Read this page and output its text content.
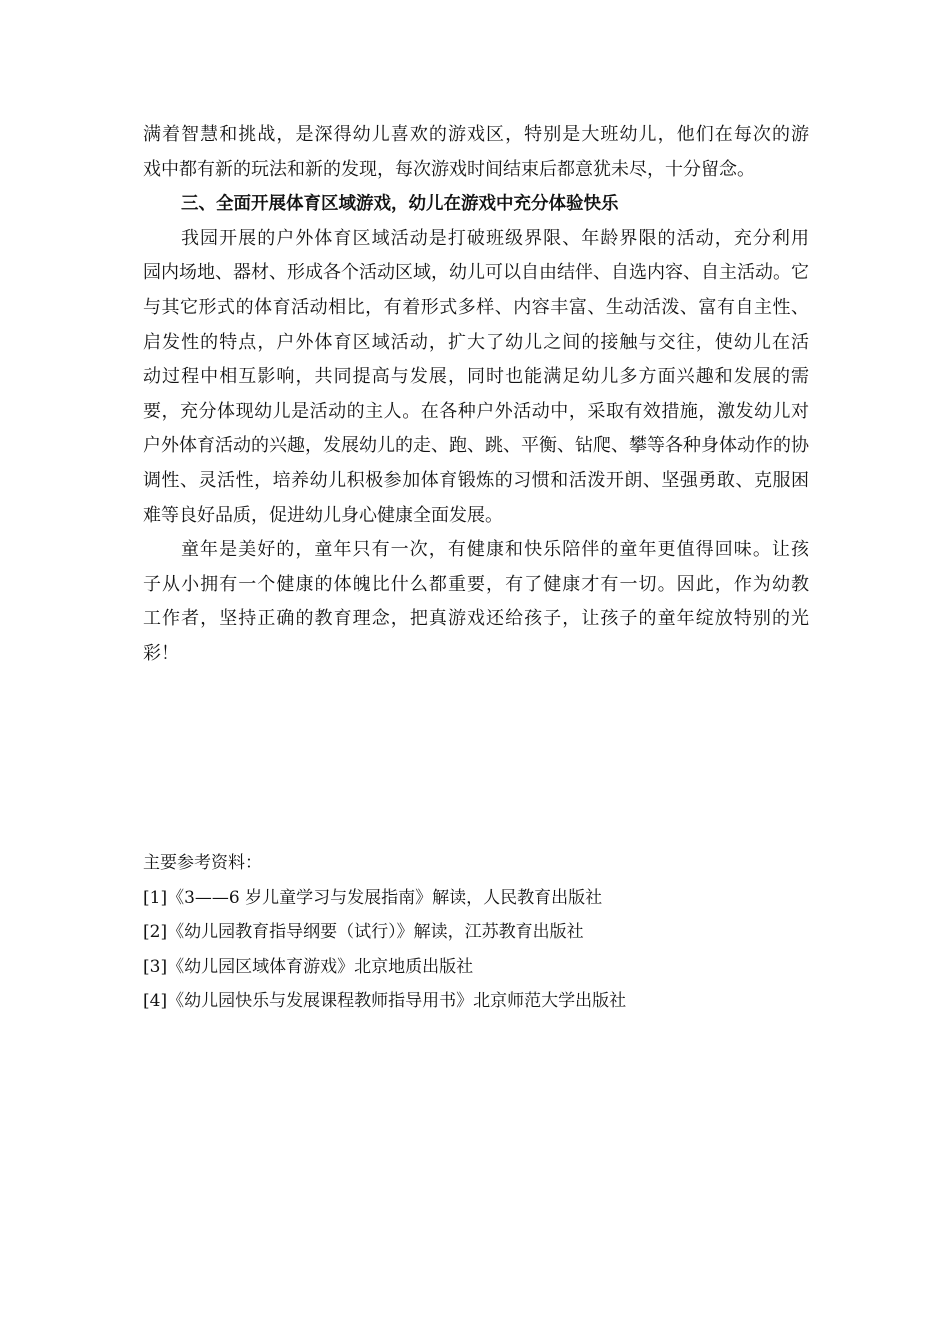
满着智慧和挑战，是深得幼儿喜欢的游戏区，特别是大班幼儿，他们在每次的游
戏中都有新的玩法和新的发现，每次游戏时间结束后都意犹未尽，十分留念。
三、全面开展体育区域游戏，幼儿在游戏中充分体验快乐
我园开展的户外体育区域活动是打破班级界限、年龄界限的活动，充分利用
园内场地、器材、形成各个活动区域，幼儿可以自由结伴、自选内容、自主活动。它
与其它形式的体育活动相比，有着形式多样、内容丰富、生动活泼、富有自主性、
启发性的特点，户外体育区域活动，扩大了幼儿之间的接触与交往，使幼儿在活
动过程中相互影响，共同提高与发展，同时也能满足幼儿多方面兴趣和发展的需
要，充分体现幼儿是活动的主人。在各种户外活动中，采取有效措施，激发幼儿对
户外体育活动的兴趣，发展幼儿的走、跑、跳、平衡、钻爬、攀等各种身体动作的协
调性、灵活性，培养幼儿积极参加体育锻炼的习惯和活泼开朗、坚强勇敢、克服困
难等良好品质，促进幼儿身心健康全面发展。
童年是美好的，童年只有一次，有健康和快乐陪伴的童年更值得回味。让孩
子从小拥有一个健康的体魄比什么都重要，有了健康才有一切。因此，作为幼教
工作者，坚持正确的教育理念，把真游戏还给孩子，让孩子的童年绽放特别的光
彩！
主要参考资料：
[1]《3——6 岁儿童学习与发展指南》解读，人民教育出版社
[2]《幼儿园教育指导纲要（试行）》解读，江苏教育出版社
[3]《幼儿园区域体育游戏》北京地质出版社
[4]《幼儿园快乐与发展课程教师指导用书》北京师范大学出版社
